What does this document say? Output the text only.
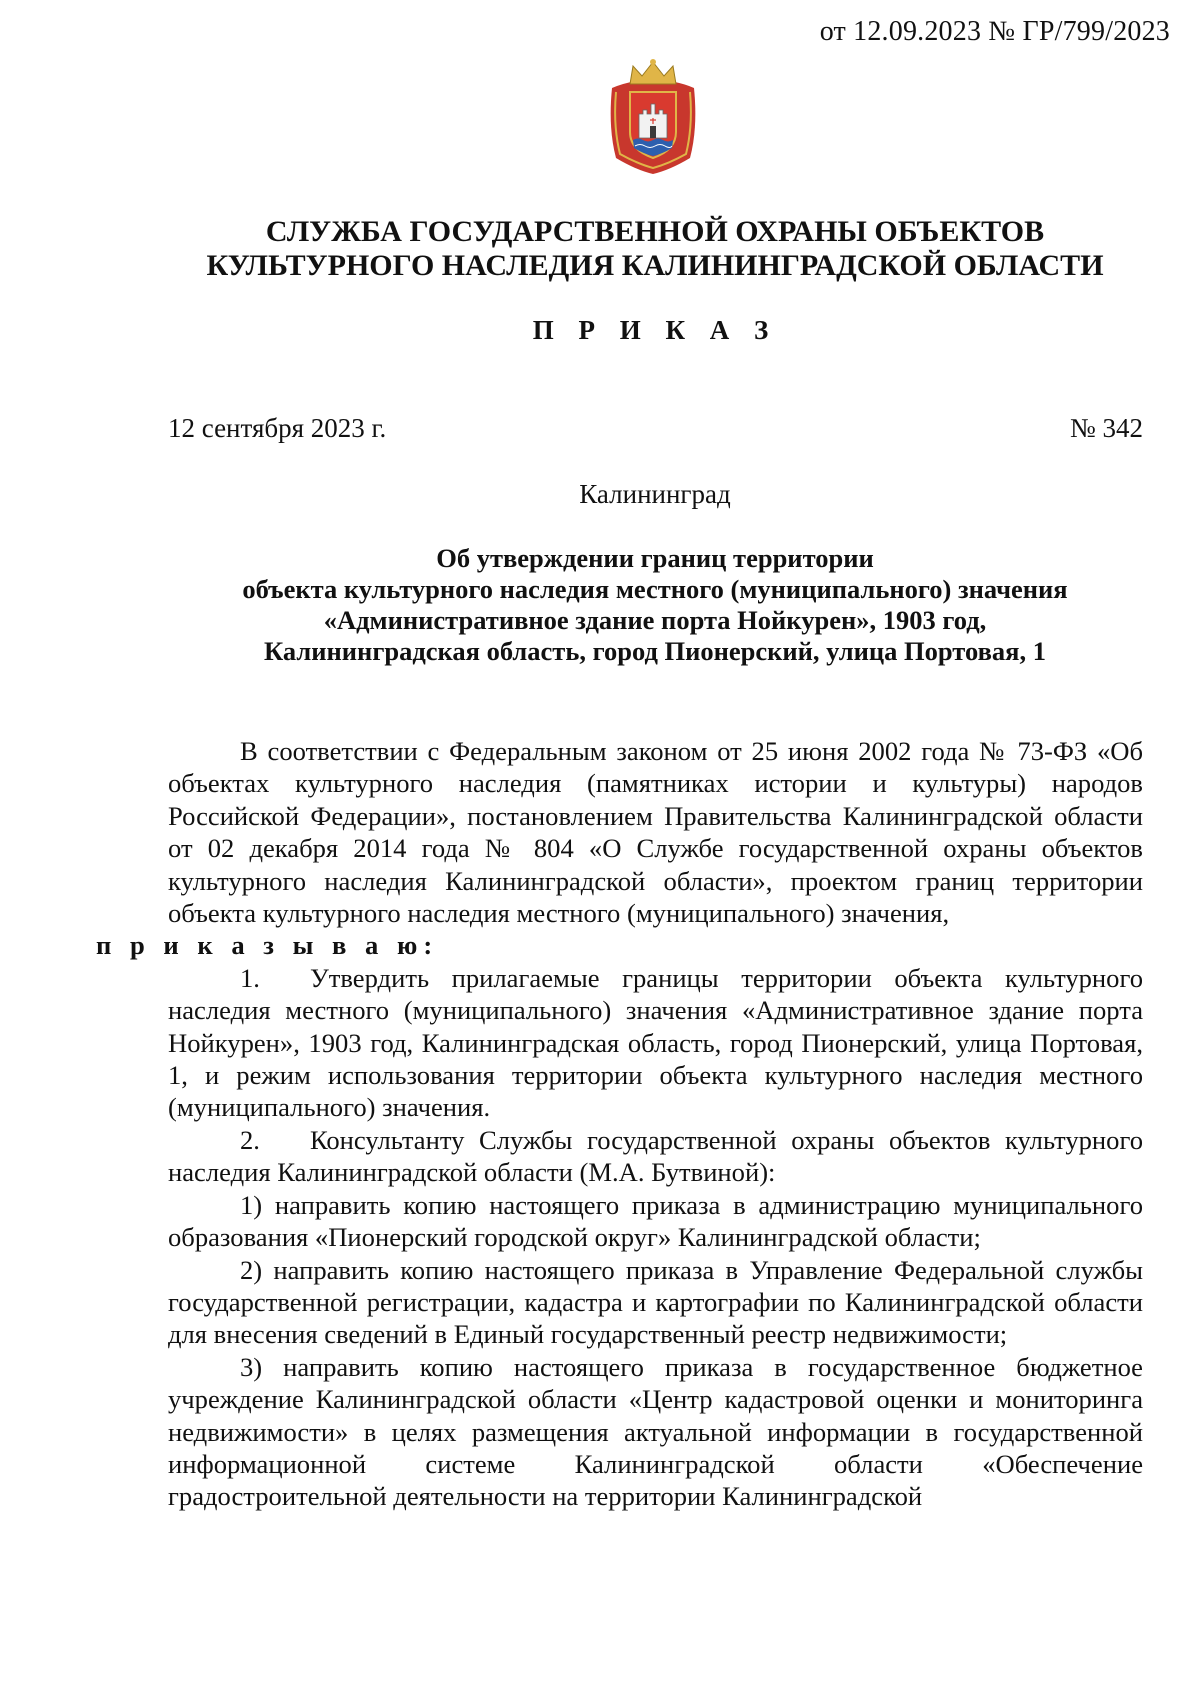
от 12.09.2023 № ГР/799/2023
СЛУЖБА ГОСУДАРСТВЕННОЙ ОХРАНЫ ОБЪЕКТОВ
КУЛЬТУРНОГО НАСЛЕДИЯ КАЛИНИНГРАДСКОЙ ОБЛАСТИ
П Р И К А З
12 сентября 2023 г.	№ 342
Калининград
Об утверждении границ территории
объекта культурного наследия местного (муниципального) значения
«Административное здание порта Нойкурен», 1903 год,
Калининградская область, город Пионерский, улица Портовая, 1

В соответствии с Федеральным законом от 25 июня 2002 года № 73-ФЗ «Об объектах культурного наследия (памятниках истории и культуры) народов Российской Федерации», постановлением Правительства Калининградской области от 02 декабря 2014 года № 804 «О Службе государственной охраны объектов культурного наследия Калининградской области», проектом границ территории объекта культурного наследия местного (муниципального) значения,
п р и к а з ы в а ю:

1. Утвердить прилагаемые границы территории объекта культурного наследия местного (муниципального) значения «Административное здание порта Нойкурен», 1903 год, Калининградская область, город Пионерский, улица Портовая, 1, и режим использования территории объекта культурного наследия местного (муниципального) значения.

2. Консультанту Службы государственной охраны объектов культурного наследия Калининградской области (М.А. Бутвиной):

1) направить копию настоящего приказа в администрацию муниципального образования «Пионерский городской округ» Калининградской области;

2) направить копию настоящего приказа в Управление Федеральной службы государственной регистрации, кадастра и картографии по Калининградской области для внесения сведений в Единый государственный реестр недвижимости;

3) направить копию настоящего приказа в государственное бюджетное учреждение Калининградской области «Центр кадастровой оценки и мониторинга недвижимости» в целях размещения актуальной информации в государственной информационной системе Калининградской области «Обеспечение градостроительной деятельности на территории Калининградской
